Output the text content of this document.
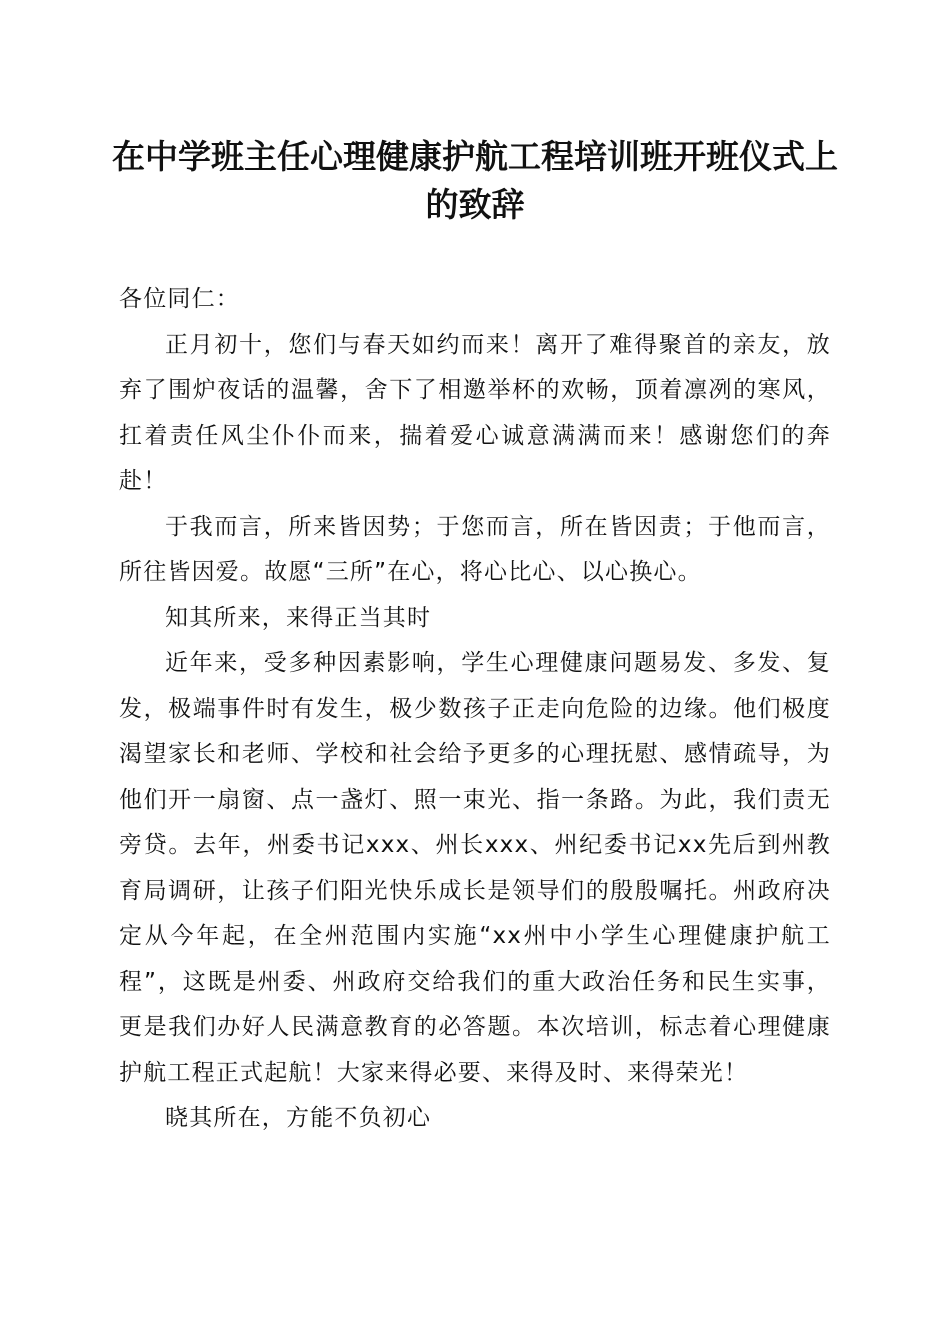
在中学班主任心理健康护航工程培训班开班仪式上的致辞

各位同仁：

正月初十，您们与春天如约而来！离开了难得聚首的亲友，放弃了围炉夜话的温馨，舍下了相邀举杯的欢畅，顶着凛冽的寒风，扛着责任风尘仆仆而来，揣着爱心诚意满满而来！感谢您们的奔赴！

于我而言，所来皆因势；于您而言，所在皆因责；于他而言，所往皆因爱。故愿“三所”在心，将心比心、以心换心。

知其所来，来得正当其时

近年来，受多种因素影响，学生心理健康问题易发、多发、复发，极端事件时有发生，极少数孩子正走向危险的边缘。他们极度渴望家长和老师、学校和社会给予更多的心理抚慰、感情疏导，为他们开一扇窗、点一盏灯、照一束光、指一条路。为此，我们责无旁贷。去年，州委书记xxx、州长xxx、州纪委书记xx先后到州教育局调研，让孩子们阳光快乐成长是领导们的殷殷嘱托。州政府决定从今年起，在全州范围内实施“xx州中小学生心理健康护航工程”，这既是州委、州政府交给我们的重大政治任务和民生实事，更是我们办好人民满意教育的必答题。本次培训，标志着心理健康护航工程正式起航！大家来得必要、来得及时、来得荣光！

晓其所在，方能不负初心
